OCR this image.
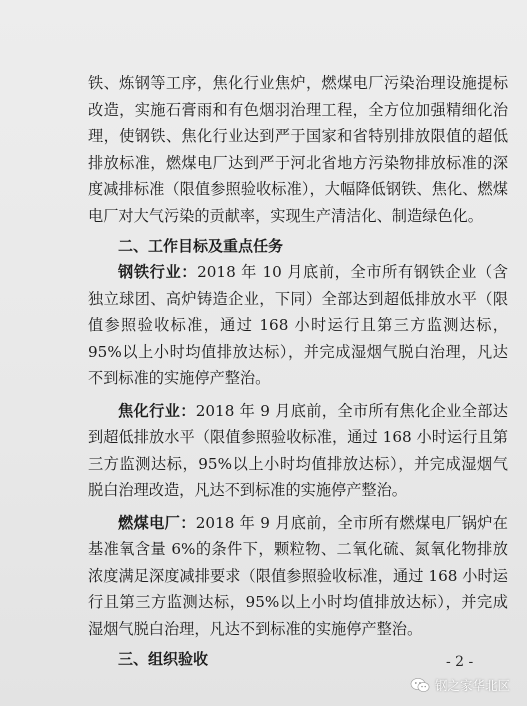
铁、炼钢等工序，焦化行业焦炉，燃煤电厂污染治理设施提标改造，实施石膏雨和有色烟羽治理工程，全方位加强精细化治理，使钢铁、焦化行业达到严于国家和省特别排放限值的超低排放标准，燃煤电厂达到严于河北省地方污染物排放标准的深度减排标准（限值参照验收标准），大幅降低钢铁、焦化、燃煤电厂对大气污染的贡献率，实现生产清洁化、制造绿色化。

二、工作目标及重点任务

钢铁行业：2018 年 10 月底前，全市所有钢铁企业（含独立球团、高炉铸造企业，下同）全部达到超低排放水平（限值参照验收标准，通过 168 小时运行且第三方监测达标，95%以上小时均值排放达标），并完成湿烟气脱白治理，凡达不到标准的实施停产整治。

焦化行业：2018 年 9 月底前，全市所有焦化企业全部达到超低排放水平（限值参照验收标准，通过 168 小时运行且第三方监测达标，95%以上小时均值排放达标），并完成湿烟气脱白治理改造，凡达不到标准的实施停产整治。

燃煤电厂：2018 年 9 月底前，全市所有燃煤电厂锅炉在基准氧含量 6%的条件下，颗粒物、二氧化硫、氮氧化物排放浓度满足深度减排要求（限值参照验收标准，通过 168 小时运行且第三方监测达标，95%以上小时均值排放达标），并完成湿烟气脱白治理，凡达不到标准的实施停产整治。

三、组织验收	- 2 -
钢之家华北区
